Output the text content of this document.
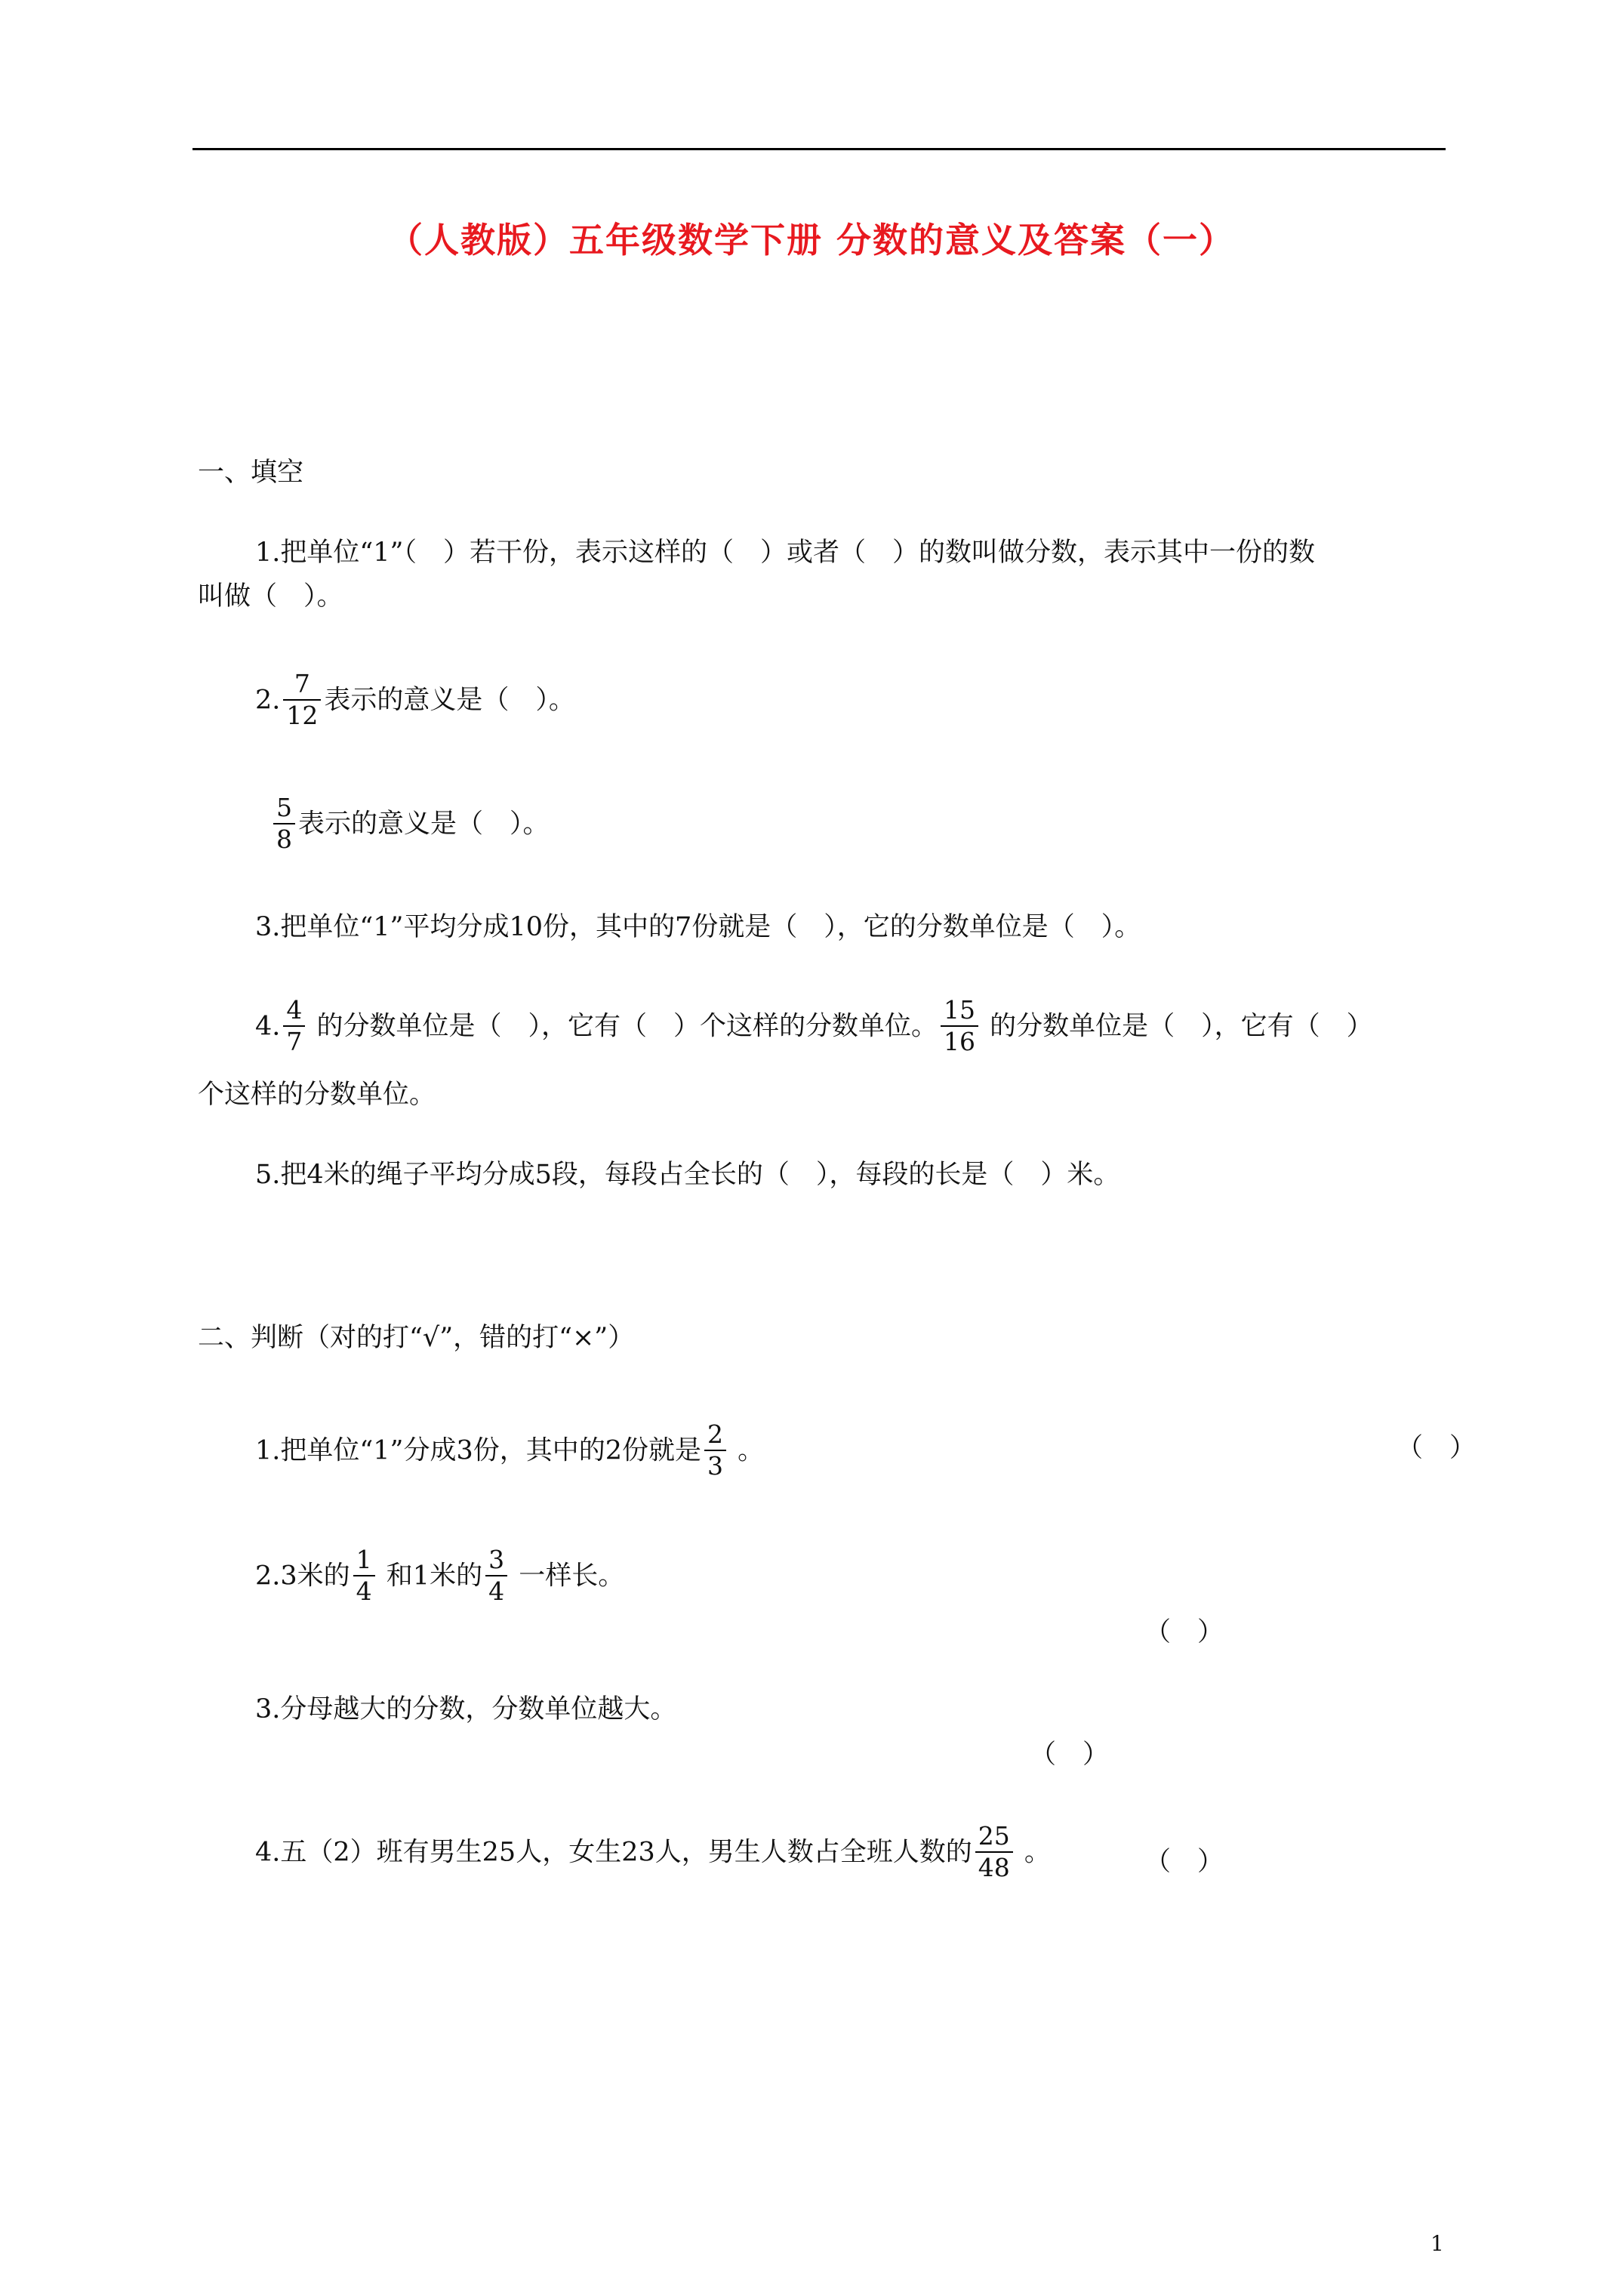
（人教版）五年级数学下册 分数的意义及答案（一）
一、填空
1.把单位“1”（　）若干份，表示这样的（　）或者（　）的数叫做分数，表示其中一份的数
叫做（　）。
2. $\frac{7}{12}$ 表示的意义是（　）。
$\frac{5}{8}$ 表示的意义是（　）。
3.把单位“1”平均分成10份，其中的7份就是（　），它的分数单位是（　）。
4. $\frac{4}{7}$ 的分数单位是（　），它有（　）个这样的分数单位。 $\frac{15}{16}$ 的分数单位是（　），它有（　）
个这样的分数单位。
5.把4米的绳子平均分成5段，每段占全长的（　），每段的长是（　）米。
二、判断（对的打“√”，错的打“×”）
1.把单位“1”分成3份，其中的2份就是 $\frac{2}{3}$ 。	（　）
2.3米的 $\frac{1}{4}$ 和1米的 $\frac{3}{4}$ 一样长。
（　）
3.分母越大的分数，分数单位越大。
（　）
4.五（2）班有男生25人，女生23人，男生人数占全班人数的 $\frac{25}{48}$ 。	（　）
1
